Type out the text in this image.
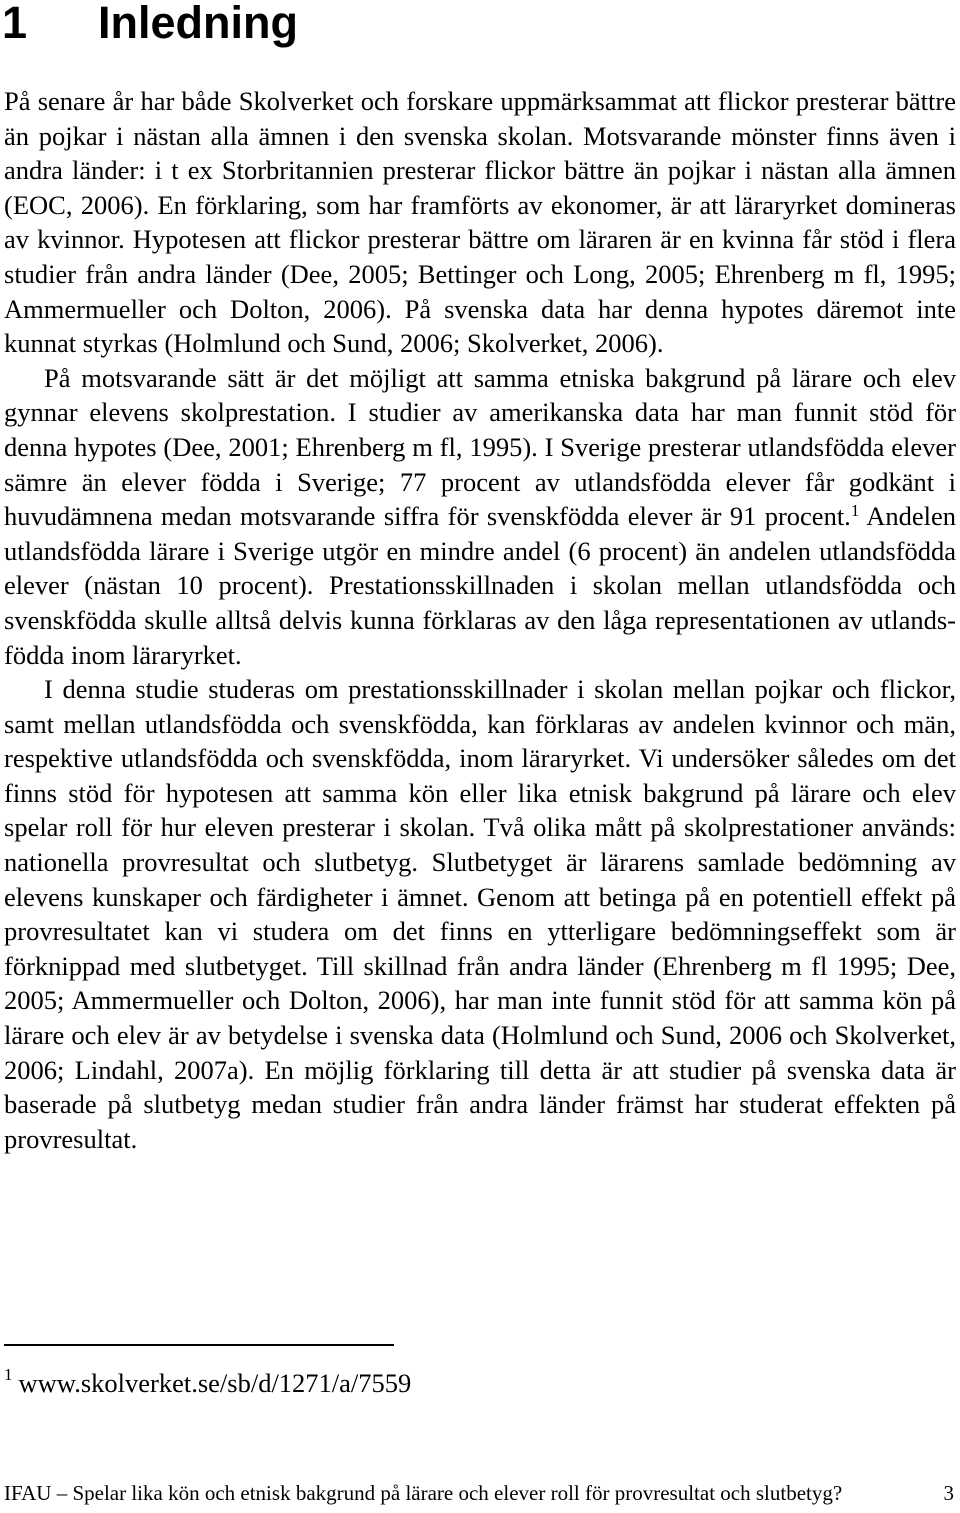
1 Inledning

På senare år har både Skolverket och forskare uppmärksammat att flickor presterar bättre än pojkar i nästan alla ämnen i den svenska skolan. Motsvarande mönster finns även i andra länder: i t ex Storbritannien presterar flickor bättre än pojkar i nästan alla ämnen (EOC, 2006). En förklaring, som har framförts av ekonomer, är att läraryrket domineras av kvinnor. Hypotesen att flickor presterar bättre om läraren är en kvinna får stöd i flera studier från andra länder (Dee, 2005; Bettinger och Long, 2005; Ehrenberg m fl, 1995; Ammermueller och Dolton, 2006). På svenska data har denna hypotes däremot inte kunnat styrkas (Holmlund och Sund, 2006; Skolverket, 2006).

På motsvarande sätt är det möjligt att samma etniska bakgrund på lärare och elev gynnar elevens skolprestation. I studier av amerikanska data har man funnit stöd för denna hypotes (Dee, 2001; Ehrenberg m fl, 1995). I Sverige presterar utlandsfödda elever sämre än elever födda i Sverige; 77 procent av utlandsfödda elever får godkänt i huvudämnena medan motsvarande siffra för svenskfödda elever är 91 procent.$^1$ Andelen utlandsfödda lärare i Sverige utgör en mindre andel (6 procent) än andelen utlandsfödda elever (nästan 10 procent). Prestationsskillnaden i skolan mellan utlandsfödda och svenskfödda skulle alltså delvis kunna förklaras av den låga representationen av utlandsfödda inom läraryrket.

I denna studie studeras om prestationsskillnader i skolan mellan pojkar och flickor, samt mellan utlandsfödda och svenskfödda, kan förklaras av andelen kvinnor och män, respektive utlandsfödda och svenskfödda, inom läraryrket. Vi undersöker således om det finns stöd för hypotesen att samma kön eller lika etnisk bakgrund på lärare och elev spelar roll för hur eleven presterar i skolan. Två olika mått på skolprestationer används: nationella provresultat och slutbetyg. Slutbetyget är lärarens samlade bedömning av elevens kunskaper och färdigheter i ämnet. Genom att betinga på en potentiell effekt på provresultatet kan vi studera om det finns en ytterligare bedömningseffekt som är förknippad med slutbetyget. Till skillnad från andra länder (Ehrenberg m fl 1995; Dee, 2005; Ammermueller och Dolton, 2006), har man inte funnit stöd för att samma kön på lärare och elev är av betydelse i svenska data (Holmlund och Sund, 2006 och Skolverket, 2006; Lindahl, 2007a). En möjlig förklaring till detta är att studier på svenska data är baserade på slutbetyg medan studier från andra länder främst har studerat effekten på provresultat.

$^1$ www.skolverket.se/sb/d/1271/a/7559
IFAU – Spelar lika kön och etnisk bakgrund på lärare och elever roll för provresultat och slutbetyg?	3
